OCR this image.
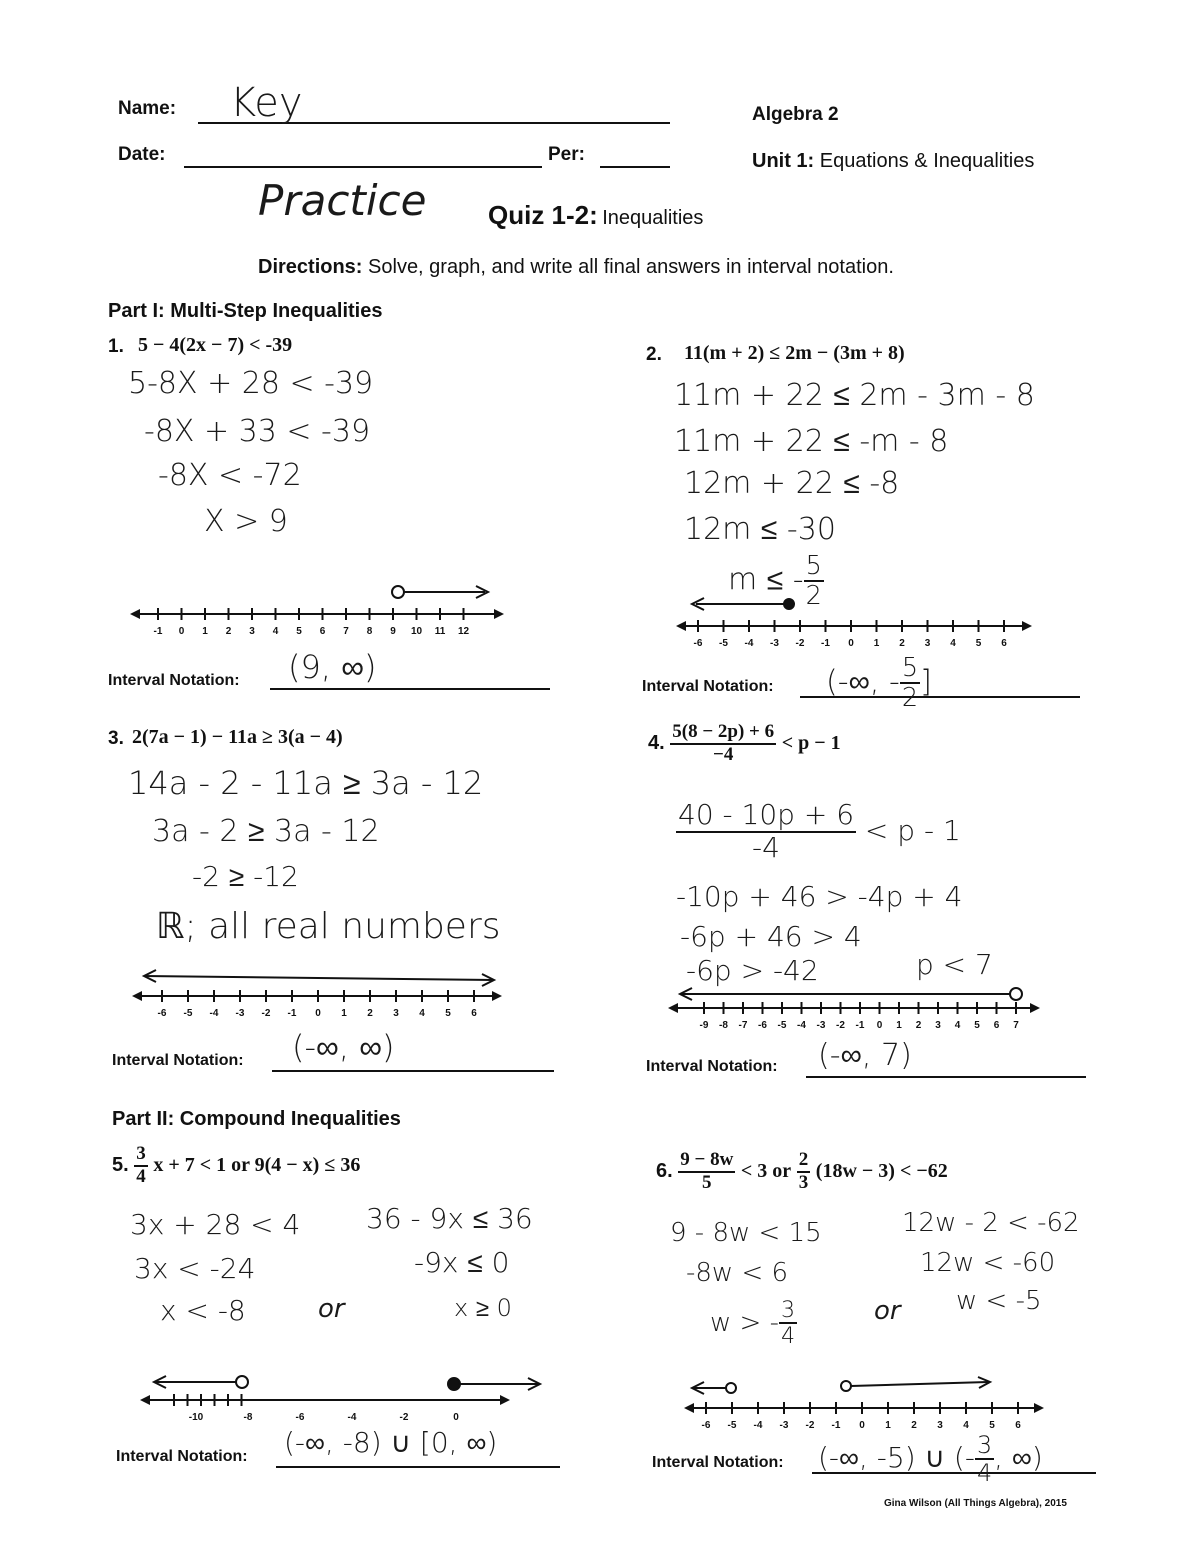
Name: Key	Algebra 2
Date:	Per:	Unit 1: Equations & Inequalities
Practice Quiz 1-2: Inequalities
Directions: Solve, graph, and write all final answers in interval notation.
Part I: Multi-Step Inequalities
1. 5 − 4(2x − 7) < -39
5-8X + 28 < -39
-8X + 33 < -39
-8X < -72
X > 9
-1 0 1 2 3 4 5 6 7 8 9 10 11 12
Interval Notation: (9, ∞)
2. 11(m + 2) ≤ 2m − (3m + 8)
11m + 22 ≤ 2m - 3m - 8
11m + 22 ≤ -m - 8
12m + 22 ≤ -8
12m ≤ -30
m ≤ - $\frac{5}{2}$
-6 -5 -4 -3 -2 -1 0 1 2 3 4 5 6
Interval Notation: (-∞, - $\frac{5}{2}$ ]
3. 2(7a − 1) − 11a ≥ 3(a − 4)
14a - 2 - 11a ≥ 3a - 12
3a - 2 ≥ 3a - 12
-2 ≥ -12
ℝ; all real numbers
-6 -5 -4 -3 -2 -1 0 1 2 3 4 5 6
Interval Notation: (-∞, ∞)
4. $\frac{5(8 - 2p) + 6}{-4} < p - 1$
$\frac{40 - 10p + 6}{-4} < p - 1$
-10p + 46 > -4p + 4
-6p + 46 > 4
-6p > -42	p < 7
-9 -8 -7 -6 -5 -4 -3 -2 -1 0 1 2 3 4 5 6 7
Interval Notation: (-∞, 7)
Part II: Compound Inequalities
5. $\frac{3}{4}$ x + 7 < 1 or 9(4 − x) ≤ 36
3x + 28 < 4
3x < -24
x < -8	or
36 - 9x ≤ 36
-9x ≤ 0
x ≥ 0
-10	-8	-6	-4	-2	0
Interval Notation: (-∞, -8) ∪ [0, ∞)
6. $\frac{9 - 8w}{5} < 3$ or $\frac{2}{3} (18w - 3) < -62$
9 - 8w < 15
-8w < 6
w > - $\frac{3}{4}$	or
12w - 2 < -62
12w < -60
w < -5
-6 -5 -4 -3 -2 -1 0 1 2 3 4 5 6
Interval Notation: (-∞, -5) ∪ (- $\frac{3}{4}$ , ∞)
Gina Wilson (All Things Algebra), 2015
